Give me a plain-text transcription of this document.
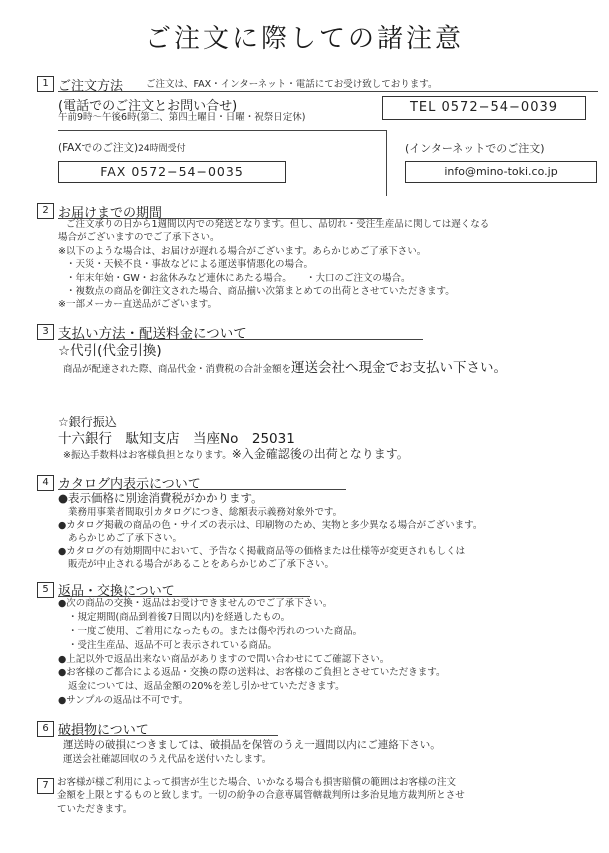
ご注文に際しての諸注意
1 ご注文方法 ご注文は、FAX・インターネット・電話にてお受け致しております。
(電話でのご注文とお問い合せ)
午前9時～午後6時(第二、第四土曜日・日曜・祝祭日定休)
TEL 0572−54−0039
(FAXでのご注文)24時間受付
FAX 0572−54−0035
(インターネットでのご注文)
info@mino-toki.co.jp
2 お届けまでの期間
ご注文承りの日から1週間以内での発送となります。但し、品切れ・受注生産品に関しては遅くなる
場合がございますのでご了承下さい。
※以下のような場合は、お届けが遅れる場合がございます。あらかじめご了承下さい。
・天災・天候不良・事故などによる運送事情悪化の場合。
・年末年始・GW・お盆休みなど連休にあたる場合。　　・大口のご注文の場合。
・複数点の商品を御注文された場合、商品揃い次第まとめての出荷とさせていただきます。
※一部メーカー直送品がございます。
3 支払い方法・配送料金について
☆代引(代金引換)
商品が配達された際、商品代金・消費税の合計金額を運送会社へ現金でお支払い下さい。
☆銀行振込
十六銀行　駄知支店　当座No　25031
※振込手数料はお客様負担となります。※入金確認後の出荷となります。
4 カタログ内表示について
● 表示価格に別途消費税がかかります。
業務用事業者間取引カタログにつき、総額表示義務対象外です。
● カタログ掲載の商品の色・サイズの表示は、印刷物のため、実物と多少異なる場合がございます。
あらかじめご了承下さい。
● カタログの有効期間中において、予告なく掲載商品等の価格または仕様等が変更されもしくは
販売が中止される場合があることをあらかじめご了承下さい。
5 返品・交換について
● 次の商品の交換・返品はお受けできませんのでご了承下さい。
・規定期間(商品到着後7日間以内)を経過したもの。
・一度ご使用、ご着用になったもの。または傷や汚れのついた商品。
・受注生産品、返品不可と表示されている商品。
● 上記以外で返品出来ない商品がありますので問い合わせにてご確認下さい。
● お客様のご都合による返品・交換の際の送料は、お客様のご負担とさせていただきます。
返金については、返品金額の20%を差し引かせていただきます。
● サンプルの返品は不可です。
6 破損物について
運送時の破損につきましては、破損品を保管のうえ一週間以内にご連絡下さい。
運送会社確認回収のうえ代品を送付いたします。
7 お客様が様ご利用によって損害が生じた場合、いかなる場合も損害賠償の範囲はお客様の注文
金額を上限とするものと致します。一切の紛争の合意専属管轄裁判所は多治見地方裁判所とさせ
ていただきます。
